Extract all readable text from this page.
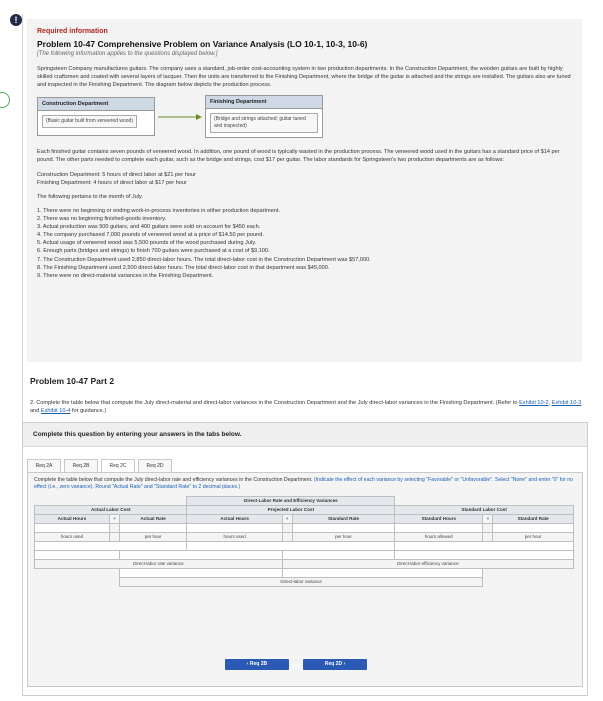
!

Required information

Problem 10-47 Comprehensive Problem on Variance Analysis (LO 10-1, 10-3, 10-6)

[The following information applies to the questions displayed below.]

Springsteen Company manufactures guitars. The company uses a standard, job-order cost-accounting system in two production departments. In the Construction Department, the wooden guitars are built by highly skilled craftsmen and coated with several layers of lacquer. Then the units are transferred to the Finishing Department, where the bridge of the guitar is attached and the strings are installed. The guitars also are tuned and inspected in the Finishing Department. The diagram below depicts the production process.

Construction Department
(Basic guitar built from veneered wood)
Finishing Department
(Bridge and strings attached; guitar tuned and inspected)

Each finished guitar contains seven pounds of veneered wood. In addition, one pound of wood is typically wasted in the production process. The veneered wood used in the guitars has a standard price of $14 per pound. The other parts needed to complete each guitar, such as the bridge and strings, cost $17 per guitar. The labor standards for Springsteen's two production departments are as follows:

Construction Department: 5 hours of direct labor at $21 per hour

Finishing Department: 4 hours of direct labor at $17 per hour

The following pertains to the month of July.

1. There were no beginning or ending work-in-process inventories in either production department.
2. There was no beginning finished-goods inventory.
3. Actual production was 500 guitars, and 400 guitars were sold on account for $450 each.
4. The company purchased 7,000 pounds of veneered wood at a price of $14.50 per pound.
5. Actual usage of veneered wood was 5,500 pounds of the wood purchased during July.
6. Enough parts (bridges and strings) to finish 700 guitars were purchased at a cost of $9,100.
7. The Construction Department used 2,850 direct-labor hours. The total direct-labor cost in the Construction Department was $57,000.
8. The Finishing Department used 2,500 direct-labor hours. The total direct-labor cost in that department was $45,000.
9. There were no direct-material variances in the Finishing Department.

Problem 10-47 Part 2

2. Complete the table below that compute the July direct-material and direct-labor variances in the Construction Department and the July direct-labor variances in the Finishing Department. (Refer to Exhibit 10-2, Exhibit 10-3 and Exhibit 10-4 for guidance.)

Complete this question by entering your answers in the tabs below.
Req 2A	Req 2B	Req 2C	Req 2D

Complete the table below that compute the July direct-labor rate and efficiency variances in the Construction Department. (Indicate the effect of each variance by selecting "Favorable" or "Unfavorable". Select "None" and enter "0" for no effect (i.e., zero variance). Round "Actual Rate" and "Standard Rate" to 2 decimal places.)

			Direct-Labor Rate and Efficiency Variances					
Actual Labor Cost			Projected Labor Cost			Standard Labor Cost		
Actual Hours	×	Actual Rate	Actual Hours	×	Standard Rate	Standard Hours	×	Standard Rate

hours used		per hour	hours used		per hour	hours allowed		per hour

Direct-labor rate variance				Direct-labor efficiency variance				

		Direct-labor variance						
‹ Req 2B	Req 2D ›
